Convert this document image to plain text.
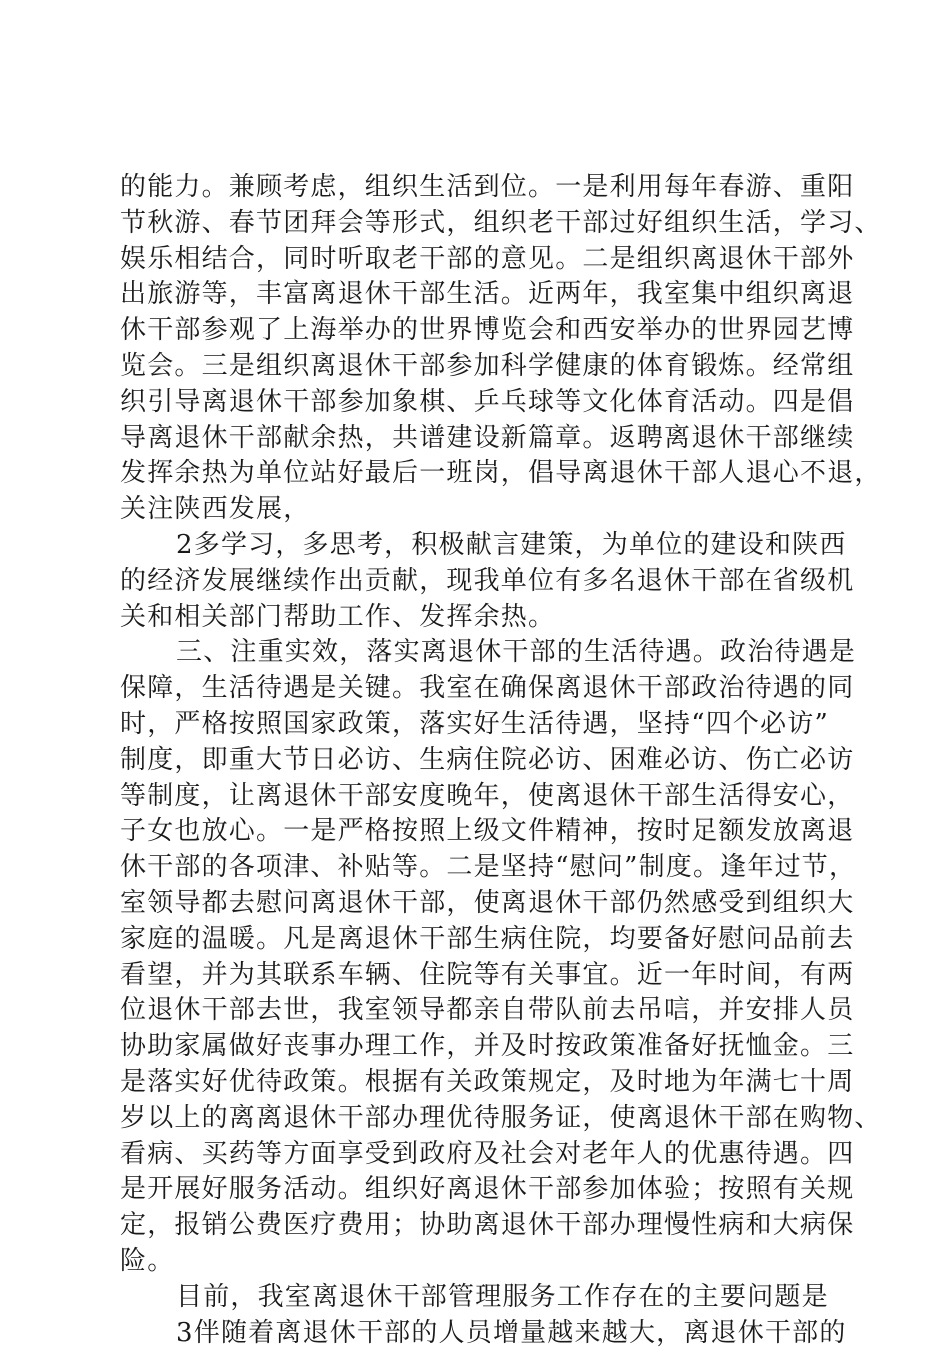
的能力。兼顾考虑，组织生活到位。一是利用每年春游、重阳
节秋游、春节团拜会等形式，组织老干部过好组织生活，学习、
娱乐相结合，同时听取老干部的意见。二是组织离退休干部外
出旅游等，丰富离退休干部生活。近两年，我室集中组织离退
休干部参观了上海举办的世界博览会和西安举办的世界园艺博
览会。三是组织离退休干部参加科学健康的体育锻炼。经常组
织引导离退休干部参加象棋、乒乓球等文化体育活动。四是倡
导离退休干部献余热，共谱建设新篇章。返聘离退休干部继续
发挥余热为单位站好最后一班岗，倡导离退休干部人退心不退，
关注陕西发展，

2多学习，多思考，积极献言建策，为单位的建设和陕西
的经济发展继续作出贡献，现我单位有多名退休干部在省级机
关和相关部门帮助工作、发挥余热。

三、注重实效，落实离退休干部的生活待遇。政治待遇是
保障，生活待遇是关键。我室在确保离退休干部政治待遇的同
时，严格按照国家政策，落实好生活待遇，坚持“四个必访”
制度，即重大节日必访、生病住院必访、困难必访、伤亡必访
等制度，让离退休干部安度晚年，使离退休干部生活得安心，
子女也放心。一是严格按照上级文件精神，按时足额发放离退
休干部的各项津、补贴等。二是坚持“慰问”制度。逢年过节，
室领导都去慰问离退休干部，使离退休干部仍然感受到组织大
家庭的温暖。凡是离退休干部生病住院，均要备好慰问品前去
看望，并为其联系车辆、住院等有关事宜。近一年时间，有两
位退休干部去世，我室领导都亲自带队前去吊唁，并安排人员
协助家属做好丧事办理工作，并及时按政策准备好抚恤金。三
是落实好优待政策。根据有关政策规定，及时地为年满七十周
岁以上的离离退休干部办理优待服务证，使离退休干部在购物、
看病、买药等方面享受到政府及社会对老年人的优惠待遇。四
是开展好服务活动。组织好离退休干部参加体验；按照有关规
定，报销公费医疗费用；协助离退休干部办理慢性病和大病保
险。

目前，我室离退休干部管理服务工作存在的主要问题是

3伴随着离退休干部的人员增量越来越大，离退休干部的
